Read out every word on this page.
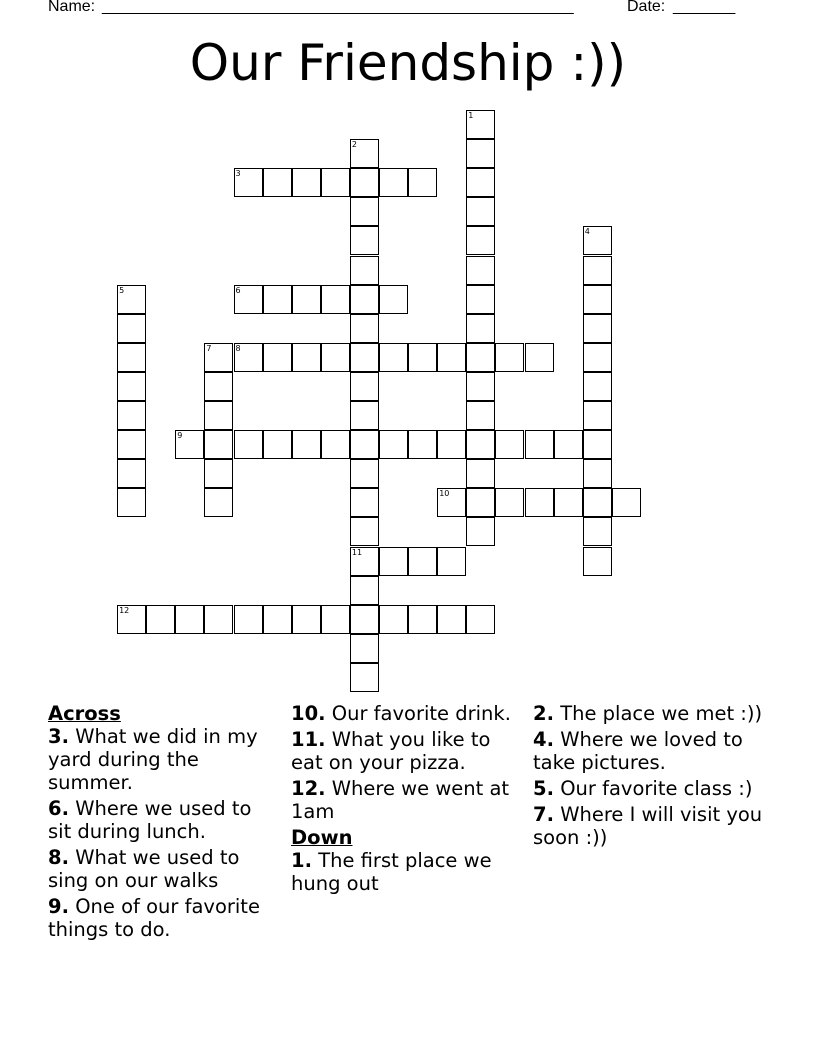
Name: _____________________________________________________	Date: _______
Our Friendship :))
1
2
11
3
4
5	6
7	8
9
10
12
Across
3. What we did in my yard during the summer.
6. Where we used to sit during lunch.
8. What we used to sing on our walks
9. One of our favorite things to do.
10. Our favorite drink.
11. What you like to eat on your pizza.
12. Where we went at 1am
Down
1. The first place we hung out
2. The place we met :))
4. Where we loved to take pictures.
5. Our favorite class :)
7. Where I will visit you soon :))
